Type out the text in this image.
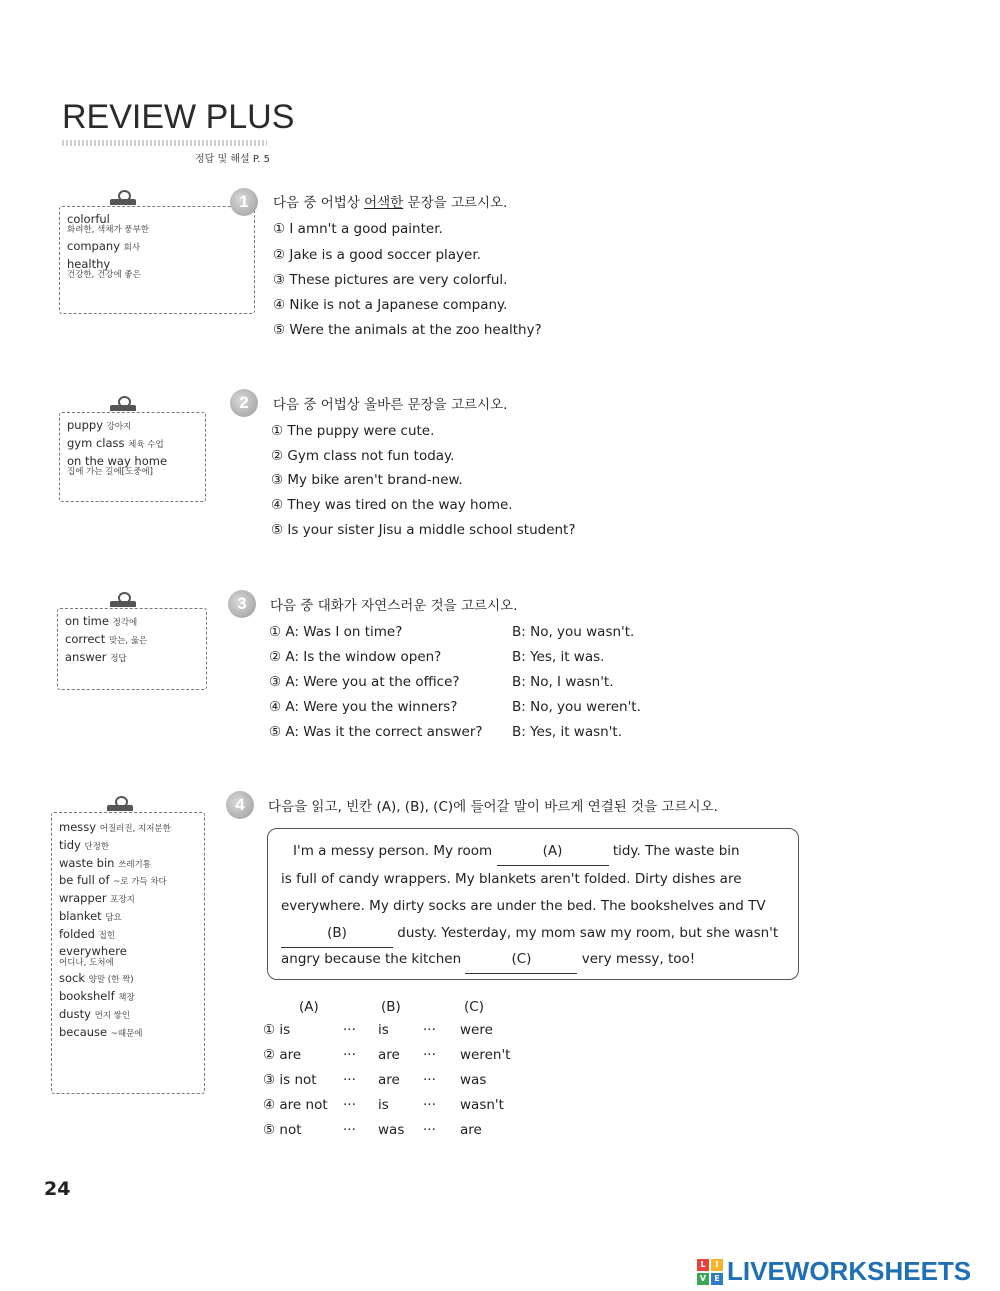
REVIEW PLUS
정답 및 해설 P. 5
colorful
화려한, 색채가 풍부한
company 회사
healthy
건강한, 건강에 좋은
1	다음 중 어법상 어색한 문장을 고르시오.
① I amn't a good painter.
② Jake is a good soccer player.
③ These pictures are very colorful.
④ Nike is not a Japanese company.
⑤ Were the animals at the zoo healthy?
puppy 강아지
gym class 체육 수업
on the way home
집에 가는 길에[도중에]
2	다음 중 어법상 올바른 문장을 고르시오.
① The puppy were cute.
② Gym class not fun today.
③ My bike aren't brand-new.
④ They was tired on the way home.
⑤ Is your sister Jisu a middle school student?
on time 정각에
correct 맞는, 옳은
answer 정답
3	다음 중 대화가 자연스러운 것을 고르시오.
① A: Was I on time?	B: No, you wasn't.
② A: Is the window open?	B: Yes, it was.
③ A: Were you at the office?	B: No, I wasn't.
④ A: Were you the winners?	B: No, you weren't.
⑤ A: Was it the correct answer? B: Yes, it wasn't.
messy 어질러진, 지저분한
tidy 단정한
waste bin 쓰레기통
be full of ~로 가득 차다
wrapper 포장지
blanket 담요
folded 접힌
everywhere
어디나, 도처에
sock 양말 (한 짝)
bookshelf 책장
dusty 먼지 쌓인
because ~때문에
4	다음을 읽고, 빈칸 (A), (B), (C)에 들어갈 말이 바르게 연결된 것을 고르시오.
I'm a messy person. My room	(A)	tidy. The waste bin
is full of candy wrappers. My blankets aren't folded. Dirty dishes are
everywhere. My dirty socks are under the bed. The bookshelves and TV
(B)	dusty. Yesterday, my mom saw my room, but she wasn't
angry because the kitchen	(C)	very messy, too!
(A)	(B)	(C)
① is	··· is	··· were
② are	··· are ··· weren't
③ is not ··· are ··· was
④ are not ··· is	··· wasn't
⑤ not	··· was ··· are
24
L	I
V	E LIVEWORKSHEETS
